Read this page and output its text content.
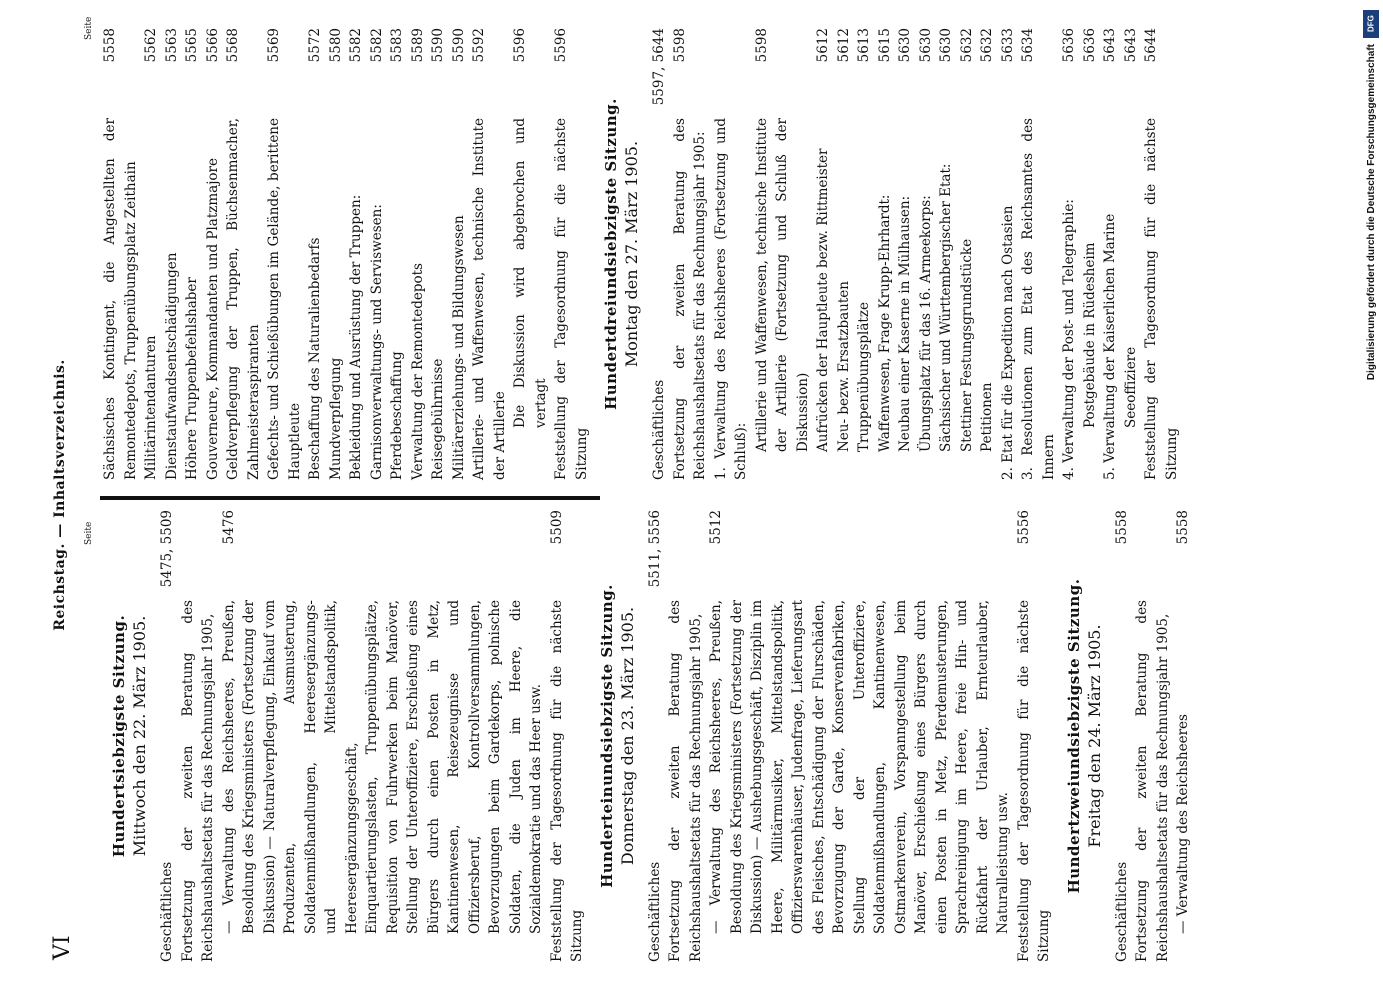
VI
Reichstag. — Inhaltsverzeichnis. Seite
Seite
Hundertsiebzigste Sitzung. Mittwoch den 22. März 1905.
Geschäftliches
5475, 5509
Fortsetzung der zweiten Beratung des Reichshaushaltsetats für das Rechnungsjahr 1905, — Verwaltung des Reichsheeres, Preußen, Besoldung des Kriegsministers (Fortsetzung der Diskussion) — Naturalverpflegung, Einkauf vom Produzenten, Ausmusterung, Soldatenmißhandlungen, Heeresergänzungs- und Mittelstandspolitik, Heeresergänzungsgeschäft, Einquartierungslasten, Truppenübungsplätze, Requisition von Fuhrwerken beim Manöver, Stellung der Unteroffiziere, Erschießung eines Bürgers durch einen Posten in Metz, Kantinenwesen, Reisezeugnisse und Offiziersberuf, Kontrollversammlungen, Bevorzugungen beim Gardekorps, polnische Soldaten, die Juden im Heere, die Sozialdemokratie und das Heer usw.
5476
Feststellung der Tagesordnung für die nächste Sitzung
5509
Hunderteinundsiebzigste Sitzung. Donnerstag den 23. März 1905.
Geschäftliches
5511, 5556
Fortsetzung der zweiten Beratung des Reichshaushaltsetats für das Rechnungsjahr 1905, — Verwaltung des Reichsheeres, Preußen, Besoldung des Kriegsministers (Fortsetzung der Diskussion) — Aushebungsgeschäft, Disziplin im Heere, Militärmusiker, Mittelstandspolitik, Offizierswarenhäuser, Judenfrage, Lieferungsart des Fleisches, Entschädigung der Flurschäden, Bevorzugung der Garde, Konservenfabriken, Stellung der Unteroffiziere, Soldatenmißhandlungen, Kantinenwesen, Ostmarkenverein, Vorspanngestellung beim Manöver, Erschießung eines Bürgers durch einen Posten in Metz, Pferdemusterungen, Sprachreinigung im Heere, freie Hin- und Rückfahrt der Urlauber, Ernteurlauber, Naturalleistung usw.
5512
Feststellung der Tagesordnung für die nächste Sitzung
5556
Hundertzweiundsiebzigste Sitzung. Freitag den 24. März 1905.
Geschäftliches
5558
Fortsetzung der zweiten Beratung des Reichshaushaltsetats für das Rechnungsjahr 1905, — Verwaltung des Reichsheeres
5558
Sächsisches Kontingent, die Angestellten der Remontedepots, Truppenübungsplatz Zeithain
5558
Militärintendanturen
5562
Dienstaufwandsentschädigungen
5563
Höhere Truppenbefehlshaber
5565
Gouverneure, Kommandanten und Platzmajore
5566
Geldverpflegung der Truppen, Büchsenmacher, Zahlmeisteraspiranten
5568
Gefechts- und Schießübungen im Gelände, berittene Hauptleute
5569
Beschaffung des Naturalienbedarfs
5572
Mundverpflegung
5580
Bekleidung und Ausrüstung der Truppen:
5582
Garnisonverwaltungs- und Serviswesen:
5582
Pferdebeschaffung
5583
Verwaltung der Remontedepots
5589
Reisegebührnisse
5590
Militärerziehungs- und Bildungswesen
5590
Artillerie- und Waffenwesen, technische Institute der Artillerie
5592
Die Diskussion wird abgebrochen und vertagt
5596
Feststellung der Tagesordnung für die nächste Sitzung
5596
Hundertdreiundsiebzigste Sitzung. Montag den 27. März 1905.
Geschäftliches
5597, 5644
Fortsetzung der zweiten Beratung des Reichshaushaltsetats für das Rechnungsjahr 1905:
5598
1. Verwaltung des Reichsheeres (Fortsetzung und Schluß): Artillerie und Waffenwesen, technische Institute der Artillerie (Fortsetzung und Schluß der Diskussion)
5598
Aufrücken der Hauptleute bezw. Rittmeister
5612
Neu- bezw. Ersatzbauten
5612
Truppenübungsplätze
5613
Waffenwesen, Frage Krupp-Ehrhardt:
5615
Neubau einer Kaserne in Mülhausen:
5630
Übungsplatz für das 16. Armeekorps:
5630
Sächsischer und Württembergischer Etat:
5630
Stettiner Festungsgrundstücke
5632
Petitionen
5632
2. Etat für die Expedition nach Ostasien
5633
3. Resolutionen zum Etat des Reichsamtes des Innern
5634
4. Verwaltung der Post- und Telegraphie:
5636
Postgebäude in Rüdesheim
5636
5. Verwaltung der Kaiserlichen Marine
5643
Seeoffiziere
5643
Feststellung der Tagesordnung für die nächste Sitzung
5644
DFG
Digitalisierung gefördert durch die Deutsche Forschungsgemeinschaft
